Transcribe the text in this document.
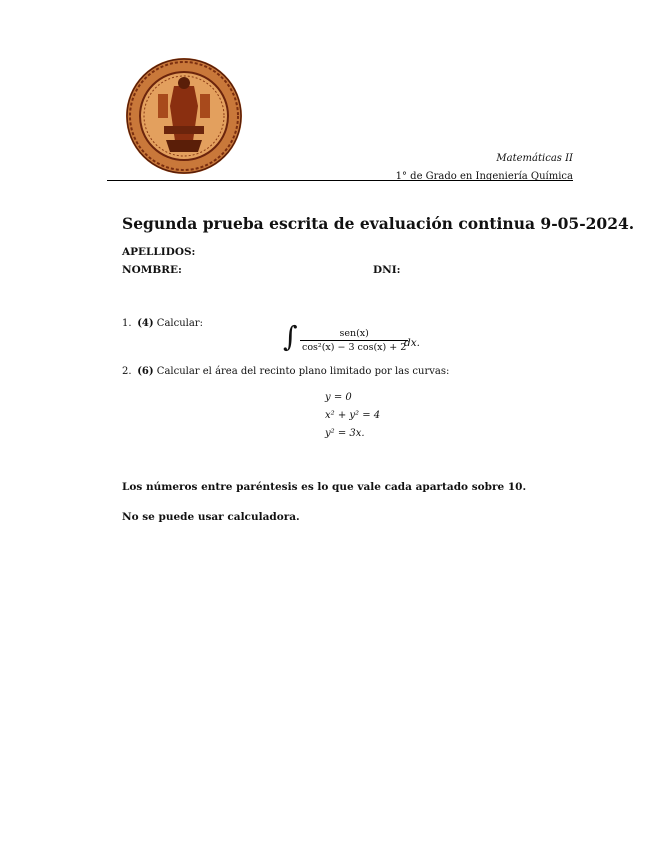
Matemáticas II
1° de Grado en Ingeniería Química
Segunda prueba escrita de evaluación continua 9-05-2024.
APELLIDOS:
NOMBRE:	DNI:
1. (4) Calcular:	∫	sen(x)
cos²(x) − 3 cos(x) + 2
dx.
2. (6) Calcular el área del recinto plano limitado por las curvas:
y = 0
x² + y² = 4
y² = 3x.
Los números entre paréntesis es lo que vale cada apartado sobre 10.
No se puede usar calculadora.
